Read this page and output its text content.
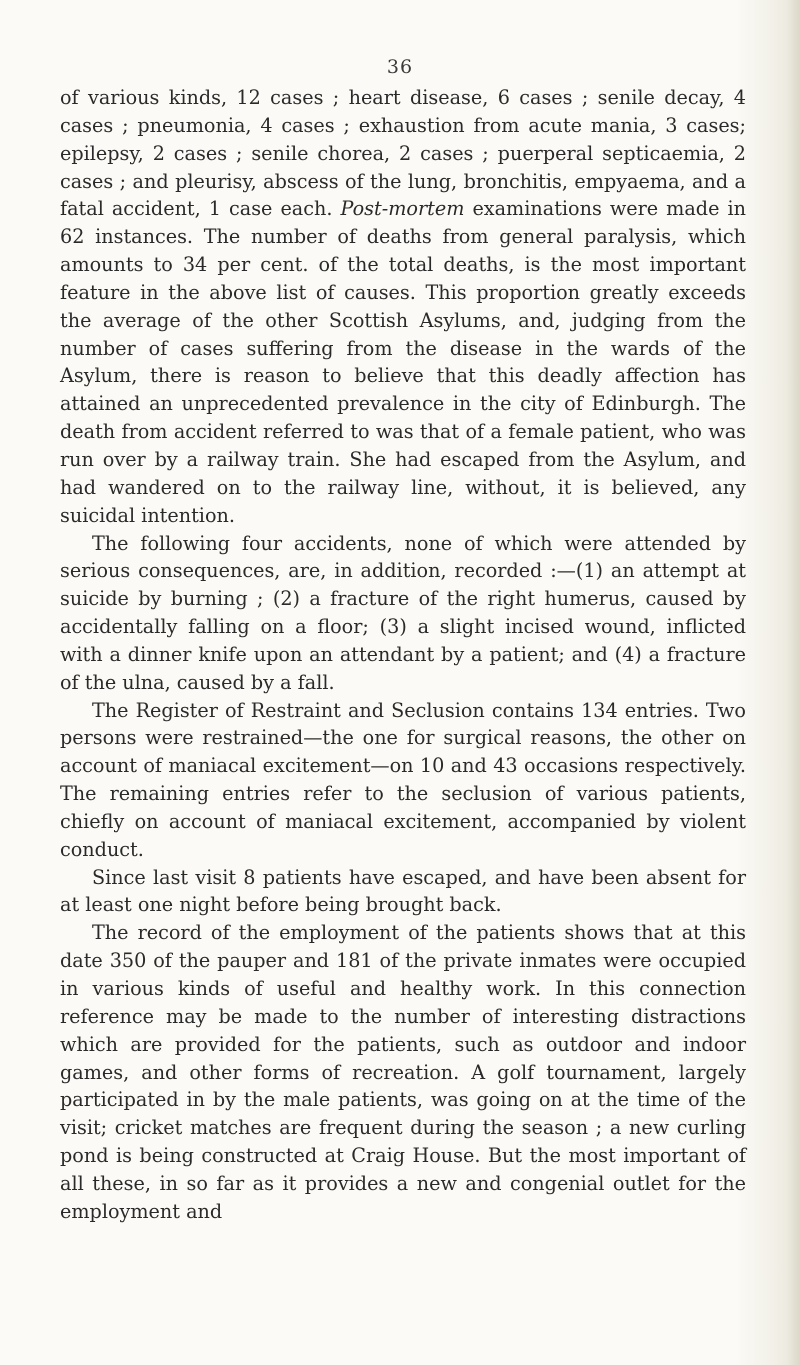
36

of various kinds, 12 cases ; heart disease, 6 cases ; senile decay, 4 cases ; pneumonia, 4 cases ; exhaustion from acute mania, 3 cases; epilepsy, 2 cases ; senile chorea, 2 cases ; puerperal septicaemia, 2 cases ; and pleurisy, abscess of the lung, bronchitis, empyaema, and a fatal accident, 1 case each. Post-mortem examinations were made in 62 instances. The number of deaths from general paralysis, which amounts to 34 per cent. of the total deaths, is the most important feature in the above list of causes. This proportion greatly exceeds the average of the other Scottish Asylums, and, judging from the number of cases suffering from the disease in the wards of the Asylum, there is reason to believe that this deadly affection has attained an unprecedented prevalence in the city of Edinburgh. The death from accident referred to was that of a female patient, who was run over by a railway train. She had escaped from the Asylum, and had wandered on to the railway line, without, it is believed, any suicidal intention.

The following four accidents, none of which were attended by serious consequences, are, in addition, recorded :—(1) an attempt at suicide by burning ; (2) a fracture of the right humerus, caused by accidentally falling on a floor; (3) a slight incised wound, inflicted with a dinner knife upon an attendant by a patient; and (4) a fracture of the ulna, caused by a fall.

The Register of Restraint and Seclusion contains 134 entries. Two persons were restrained—the one for surgical reasons, the other on account of maniacal excitement—on 10 and 43 occasions respectively. The remaining entries refer to the seclusion of various patients, chiefly on account of maniacal excitement, accompanied by violent conduct.

Since last visit 8 patients have escaped, and have been absent for at least one night before being brought back.

The record of the employment of the patients shows that at this date 350 of the pauper and 181 of the private inmates were occupied in various kinds of useful and healthy work. In this connection reference may be made to the number of interesting distractions which are provided for the patients, such as outdoor and indoor games, and other forms of recreation. A golf tournament, largely participated in by the male patients, was going on at the time of the visit; cricket matches are frequent during the season ; a new curling pond is being constructed at Craig House. But the most important of all these, in so far as it provides a new and congenial outlet for the employment and
